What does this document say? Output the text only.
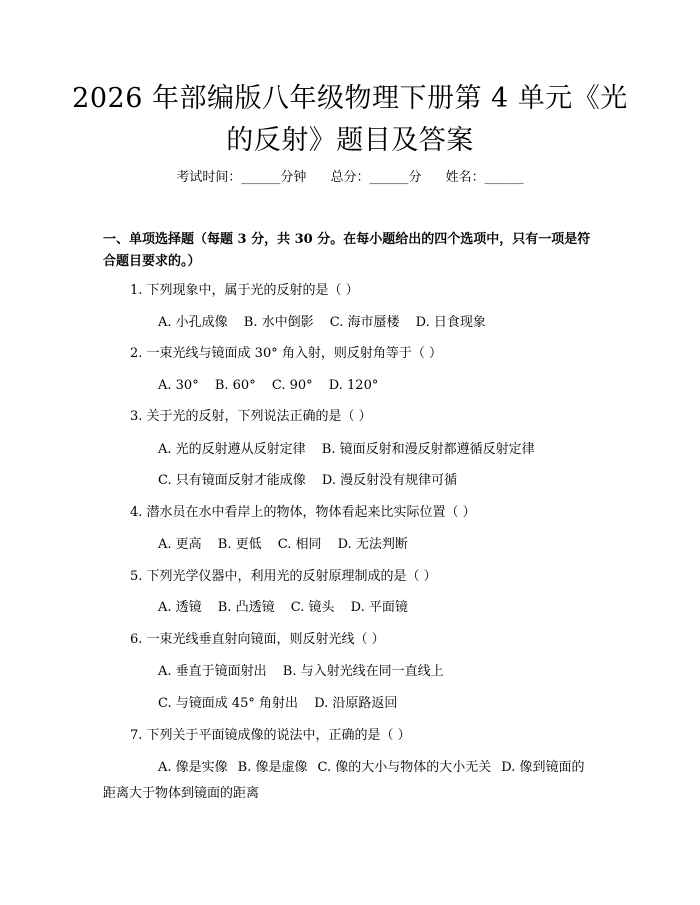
2026 年部编版八年级物理下册第 4 单元《光的反射》题目及答案
考试时间：______分钟 总分：______分 姓名：______
一、单项选择题（每题 3 分，共 30 分。在每小题给出的四个选项中，只有一项是符合题目要求的。）
1. 下列现象中，属于光的反射的是（ ）
A. 小孔成像 B. 水中倒影 C. 海市蜃楼 D. 日食现象
2. 一束光线与镜面成 30° 角入射，则反射角等于（ ）
A. 30° B. 60° C. 90° D. 120°
3. 关于光的反射，下列说法正确的是（ ）
A. 光的反射遵从反射定律 B. 镜面反射和漫反射都遵循反射定律
C. 只有镜面反射才能成像 D. 漫反射没有规律可循
4. 潜水员在水中看岸上的物体，物体看起来比实际位置（ ）
A. 更高 B. 更低 C. 相同 D. 无法判断
5. 下列光学仪器中，利用光的反射原理制成的是（ ）
A. 透镜 B. 凸透镜 C. 镜头 D. 平面镜
6. 一束光线垂直射向镜面，则反射光线（ ）
A. 垂直于镜面射出 B. 与入射光线在同一直线上
C. 与镜面成 45° 角射出 D. 沿原路返回
7. 下列关于平面镜成像的说法中，正确的是（ ）
A. 像是实像 B. 像是虚像 C. 像的大小与物体的大小无关 D. 像到镜面的距离大于物体到镜面的距离
